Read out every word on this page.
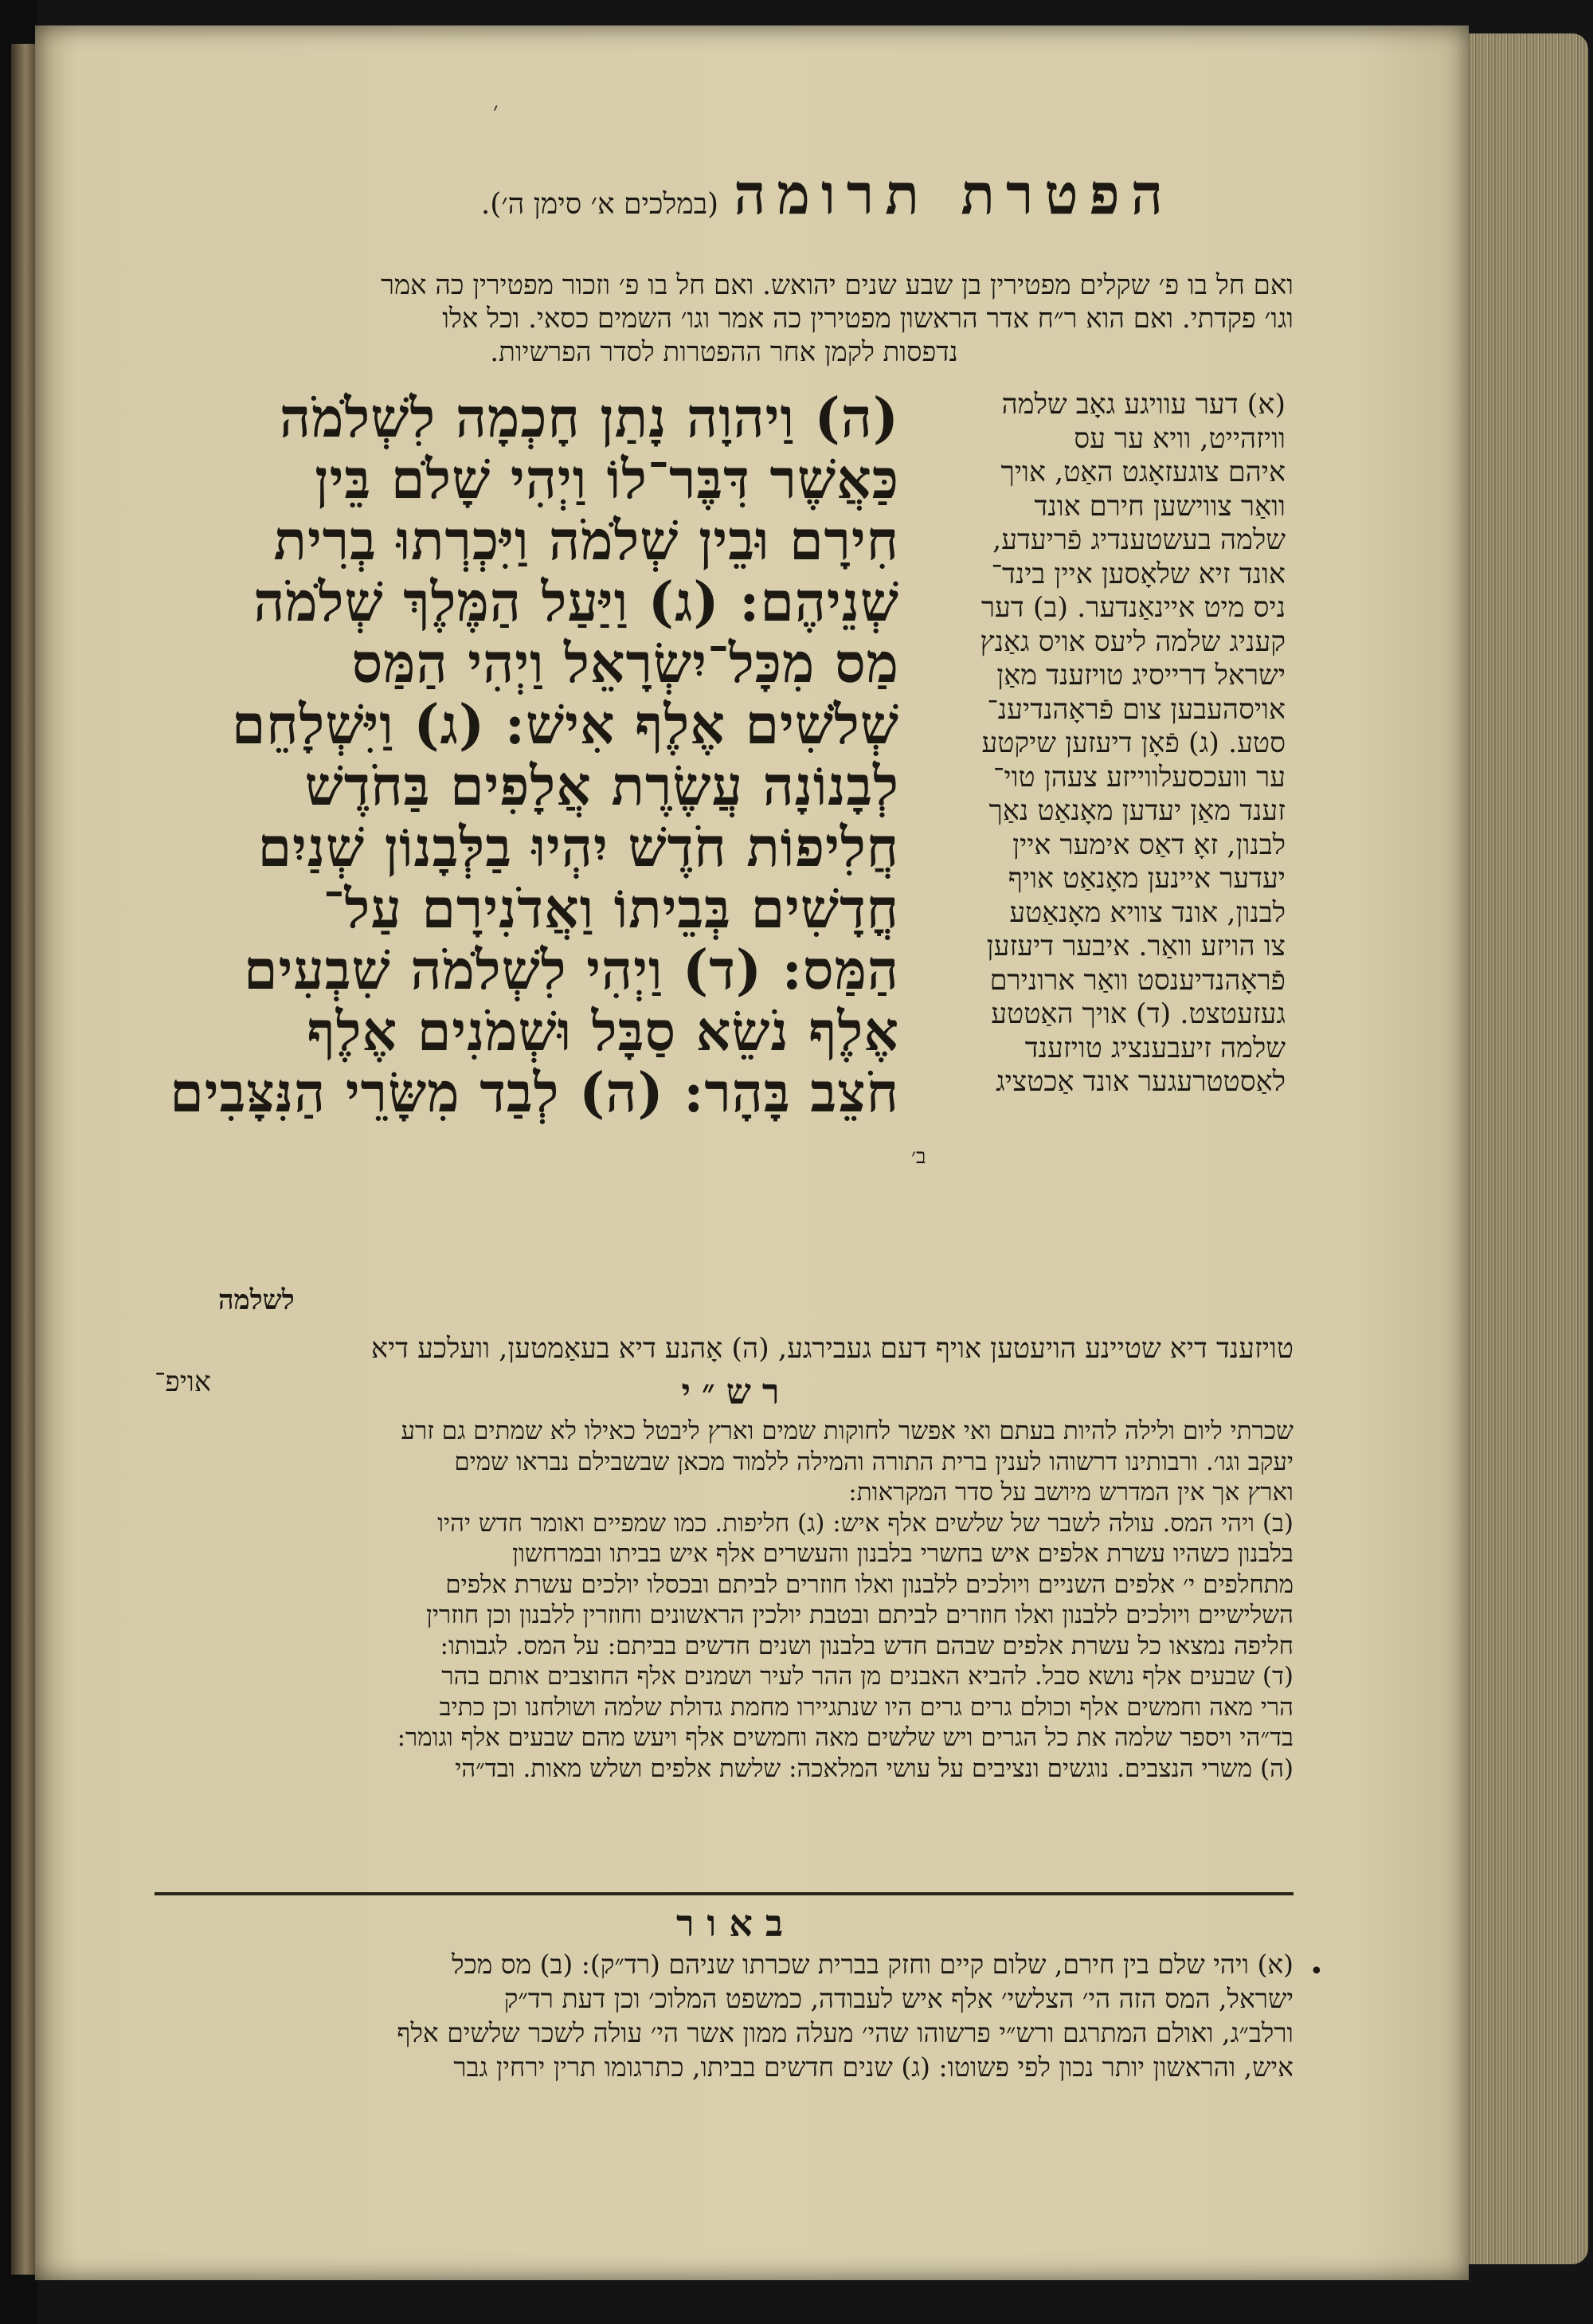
׳
הפטרת תרומה (במלכים א׳ סימן ה׳).
ואם חל בו פ׳ שקלים מפטירין בן שבע שנים יהואש. ואם חל בו פ׳ וזכור מפטירין כה אמר
וגו׳ פקדתי. ואם הוא ר״ח אדר הראשון מפטירין כה אמר וגו׳ השמים כסאי. וכל אלו
נדפסות לקמן אחר ההפטרות לסדר הפרשיות.
(ה) וַיהוָה נָתַן חָכְמָה לִשְׁלֹמֹה
כַּאֲשֶׁר דִּבֶּר־לוֹ וַיְהִי שָׁלֹם בֵּין
חִירָם וּבֵין שְׁלֹמֹה וַיִּכְרְתוּ בְרִית
שְׁנֵיהֶם: (ג) וַיַּעַל הַמֶּלֶךְ שְׁלֹמֹה
מַס מִכָּל־יִשְׂרָאֵל וַיְהִי הַמַּס
שְׁלֹשִׁים אֶלֶף אִישׁ: (ג) וַיִּשְׁלָחֵם
לְבָנוֹנָה עֲשֶׂרֶת אֲלָפִים בַּחֹדֶשׁ
חֲלִיפוֹת חֹדֶשׁ יִהְיוּ בַלְּבָנוֹן שְׁנַיִם
חֳדָשִׁים בְּבֵיתוֹ וַאֲדֹנִירָם עַל־
הַמַּס: (ד) וַיְהִי לִשְׁלֹמֹה שִׁבְעִים
אֶלֶף נֹשֵׂא סַבָּל וּשְׁמֹנִים אֶלֶף
חֹצֵב בָּהָר: (ה) לְבַד מִשָּׂרֵי הַנִּצָּבִים
(א) דער עוויגע גאָב שלמה
וויזהייט, וויא ער עס
איהם צוגעזאָגט האַט, אויך
וואַר צווישען חירם אונד
שלמה בעשטענדיג פֿריעדע,
אונד זיא שלאָסען איין בינד־
ניס מיט איינאַנדער. (ב) דער
קעניג שלמה ליעס אויס גאַנץ
ישראל דרייסיג טויזענד מאַן
אויסהעבען צום פֿראָהנדיענ־
סטע. (ג) פֿאָן דיעזען שיקטע
ער וועכסעלווייזע צעהן טוי־
זענד מאַן יעדען מאָנאַט נאַך
לבנון, זאָ דאַס אימער איין
יעדער איינען מאָנאַט אויף
לבנון, אונד צוויא מאָנאַטע
צו הויזע וואַר. איבער דיעזען
פֿראָהנדיענסט וואַר ארונירם
געזעטצט. (ד) אויך האַטטע
שלמה זיעבענציג טויזענד
לאַסטטרעגער אונד אַכטציג
ב׳
לשלמה
טויזענד דיא שטיינע הויעטען אויף דעם געבירגע, (ה) אָהנע דיא בעאַמטען, וועלכע דיא
אויפ־	רש״י
שכרתי ליום ולילה להיות בעתם ואי אפשר לחוקות שמים וארץ ליבטל כאילו לא שמתים גם זרע
יעקב וגו׳. ורבותינו דרשוהו לענין ברית התורה והמילה ללמוד מכאן שבשבילם נבראו שמים
וארץ אך אין המדרש מיושב על סדר המקראות:
(ב) ויהי המס. עולה לשבר של שלשים אלף איש: (ג) חליפות. כמו שמפיים ואומר חדש יהיו
בלבנון כשהיו עשרת אלפים איש בחשרי בלבנון והעשרים אלף איש בביתו ובמרחשון
מתחלפים י׳ אלפים השניים ויולכים ללבנון ואלו חוזרים לביתם ובכסלו יולכים עשרת אלפים
השלישיים ויולכים ללבנון ואלו חוזרים לביתם ובטבת יולכין הראשונים וחוזרין ללבנון וכן חוזרין
חליפה נמצאו כל עשרת אלפים שבהם חדש בלבנון ושנים חדשים בביתם: על המס. לגבותו:
(ד) שבעים אלף נושא סבל. להביא האבנים מן ההר לעיר ושמנים אלף החוצבים אותם בהר
הרי מאה וחמשים אלף וכולם גרים גרים היו שנתגיירו מחמת גדולת שלמה ושולחנו וכן כתיב
בד״הי ויספר שלמה את כל הגרים ויש שלשים מאה וחמשים אלף ויעש מהם שבעים אלף וגומר:
(ה) משרי הנצבים. נוגשים ונציבים על עושי המלאכה: שלשת אלפים ושלש מאות. ובד״הי
באור
•
(א) ויהי שלם בין חירם, שלום קיים וחזק בברית שכרתו שניהם (רד״ק): (ב) מס מכל
ישראל, המס הזה הי׳ הצלשי׳ אלף איש לעבודה, כמשפט המלוכ׳ וכן דעת רד״ק
ורלב״ג, ואולם המתרגם ורש״י פרשוהו שהי׳ מעלה ממון אשר הי׳ עולה לשכר שלשים אלף
איש, והראשון יותר נכון לפי פשוטו: (ג) שנים חדשים בביתו, כתרגומו תרין ירחין גבר
